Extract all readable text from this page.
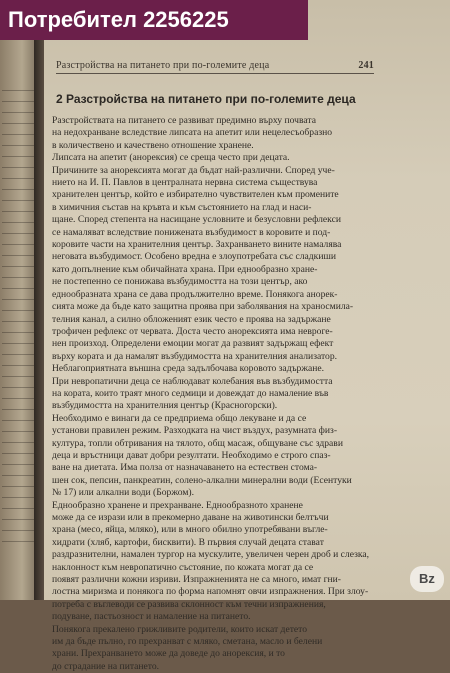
Разстройства на питането при по-големите деца	241
2 Разстройства на питането при по-големите деца
Разстройствата на питането се развиват предимно върху почвата
на недохранване вследствие липсата на апетит или нецелесъобразно
в количествено и качествено отношение хранене.
Липсата на апетит (анорексия) се среща често при децата.
Причините за анорексията могат да бъдат най-различни. Според уче-
нието на И. П. Павлов в централната нервна система съществува
хранителен център, който е избирателно чувствителен към промените
в химичния състав на кръвта и към състоянието на глад и наси-
щане. Според степента на насищане условните и безусловни рефлекси
се намаляват вследствие понижената възбудимост в коровите и под-
коровите части на хранителния център. Захранването вините намалява
неговата възбудимост. Особено вредна е злоупотребата със сладкиши
като допълнение към обичайната храна. При еднообразно хране-
не постепенно се понижава възбудимостта на този център, ако
еднообразната храна се дава продължително време. Понякога анорек-
сията може да бъде като защитна проява при заболявания на храносмила-
телния канал, а силно обложеният език често е проява на задържане
трофичен рефлекс от червата. Доста често анорексията има невроге-
нен произход. Определени емоции могат да развият задържащ ефект
върху кората и да намалят възбудимостта на хранителния анализатор.
Неблагоприятната външна среда задълбочава коровото задържане.
При невропатични деца се наблюдават колебания във възбудимостта
на кората, които траят много седмици и довеждат до намаление във
възбудимостта на хранителния център (Красногорски).
Необходимо е винаги да се предприема общо лекуване и да се
установи правилен режим. Разходката на чист въздух, разумната физ-
култура, топли обтривания на тялото, общ масаж, общуване със здрави
деца и връстници дават добри резултати. Необходимо е строго спаз-
ване на диетата. Има полза от назначаването на естествен стома-
шен сок, пепсин, панкреатин, солено-алкални минерални води (Есентуки
№ 17) или алкални води (Боржом).
Еднообразно хранене и прехранване. Еднообразното хранене
може да се изрази или в прекомерно даване на животински белтъчи
храна (месо, яйца, мляко), или в много обилно употребявани въгле-
хидрати (хляб, картофи, бисквити). В първия случай децата стават
раздразнителни, намален тургор на мускулите, увеличен черен дроб и слезка,
наклонност към невропатично състояние, по кожата могат да се
появят различни кожни изриви. Изпражненията не са много, имат гни-
лостна миризма и понякога по форма напомнят овчи изпражнения. При злоу-
потреба с въглеводи се развива склонност към течни изпражнения,
подуване, пастьозност и намаление на питането.
Понякога прекалено грижливите родители, които искат детето
им да бъде пълно, го прехранват с мляко, сметана, масло и белени
храни. Прехранването може да доведе до анорексия, и то
до страдание на питането.
Bz
Потребител 2256225
